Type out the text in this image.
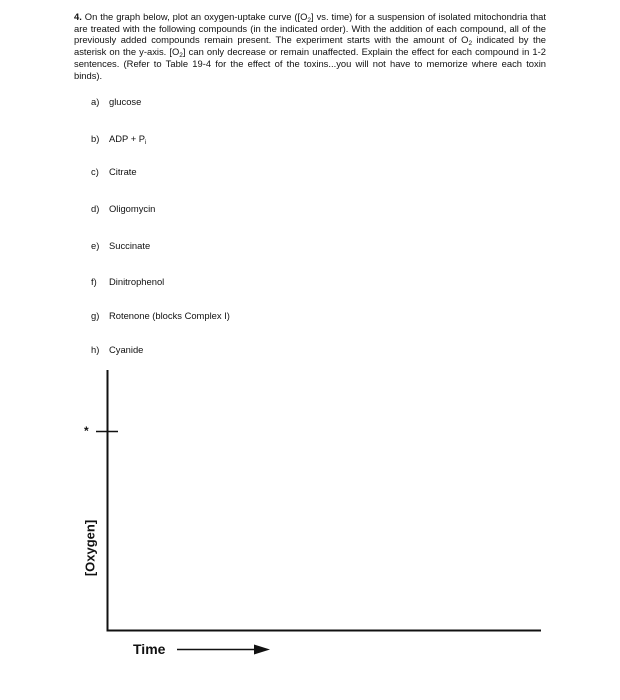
4. On the graph below, plot an oxygen-uptake curve ($[O_2]$ vs. time) for a suspension of isolated mitochondria that are treated with the following compounds (in the indicated order). With the addition of each compound, all of the previously added compounds remain present. The experiment starts with the amount of $O_2$ indicated by the asterisk on the y-axis. $[O_2]$ can only decrease or remain unaffected. Explain the effect for each compound in 1-2 sentences. (Refer to Table 19-4 for the effect of the toxins...you will not have to memorize where each toxin binds).

a) glucose
b) ADP + $P_i$
c) Citrate
d) Oligomycin
e) Succinate
f) Dinitrophenol
g) Rotenone (blocks Complex I)
h) Cyanide
*
[Oxygen]
Time
